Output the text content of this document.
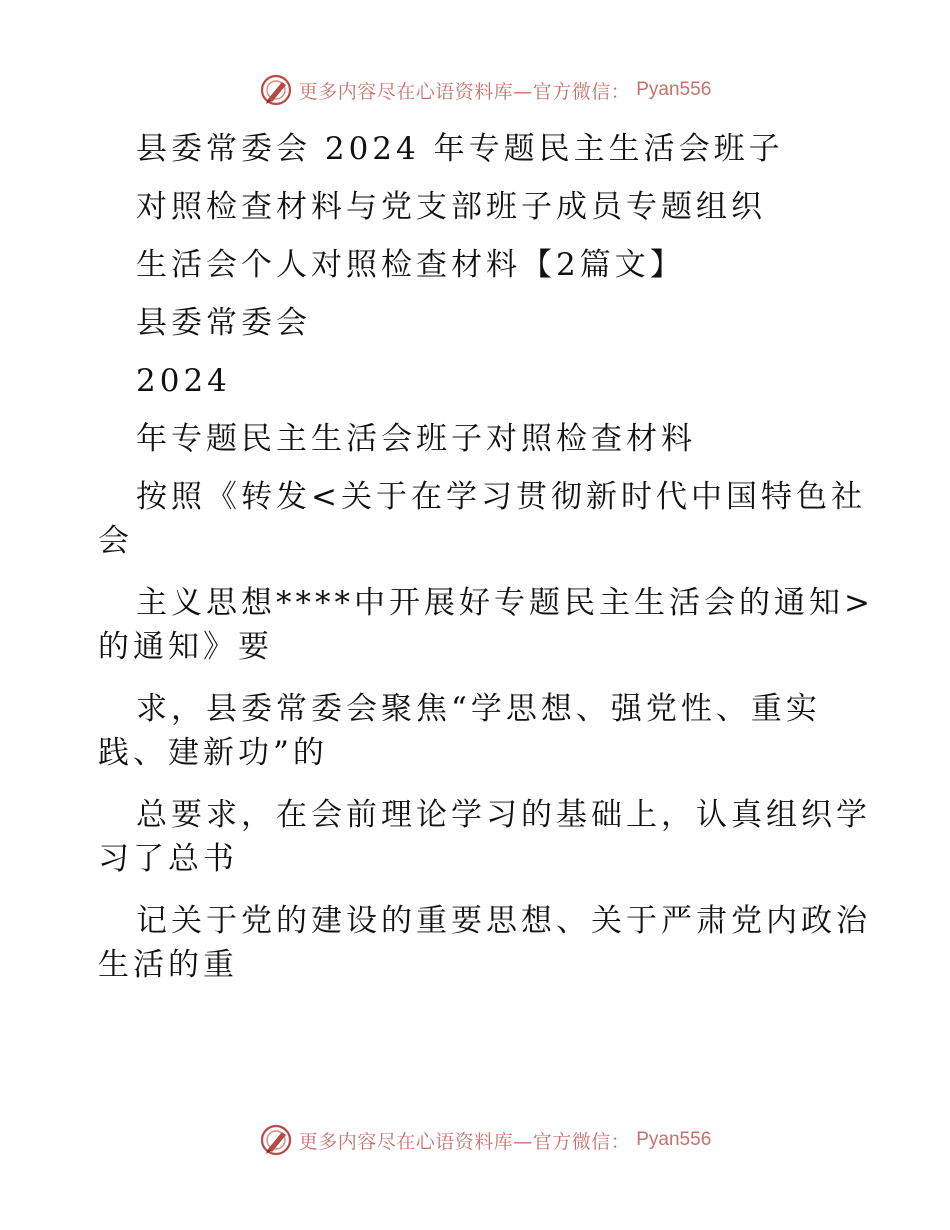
更多内容尽在心语资料库—官方微信： Pyan556
县委常委会 2024 年专题民主生活会班子
对照检查材料与党支部班子成员专题组织
生活会个人对照检查材料【2篇文】
县委常委会
2024
年专题民主生活会班子对照检查材料
按照《转发<关于在学习贯彻新时代中国特色社
会
主义思想****中开展好专题民主生活会的通知>
的通知》要
求，县委常委会聚焦“学思想、强党性、重实
践、建新功”的
总要求，在会前理论学习的基础上，认真组织学
习了总书
记关于党的建设的重要思想、关于严肃党内政治
生活的重
更多内容尽在心语资料库—官方微信： Pyan556
